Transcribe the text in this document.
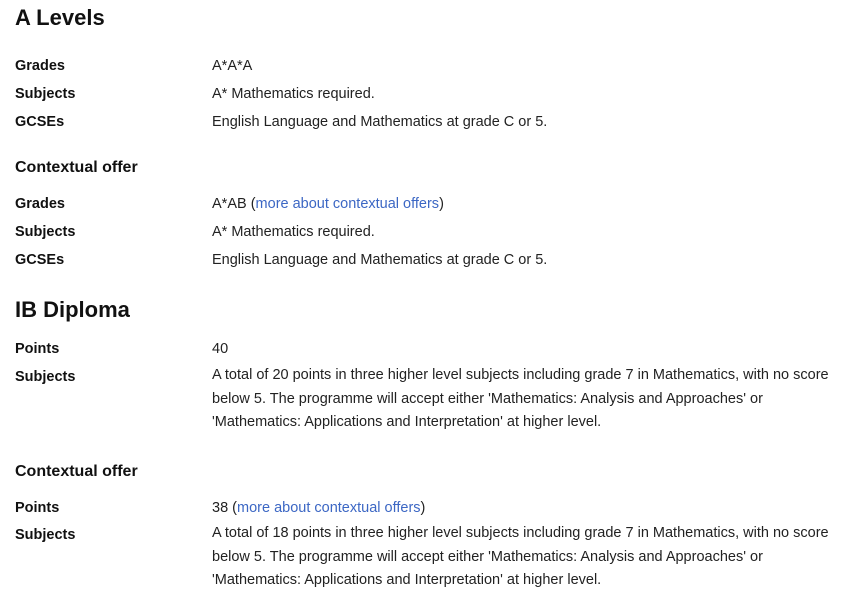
A Levels
Grades	A*A*A
Subjects	A* Mathematics required.
GCSEs	English Language and Mathematics at grade C or 5.
Contextual offer
Grades	A*AB (more about contextual offers)
Subjects	A* Mathematics required.
GCSEs	English Language and Mathematics at grade C or 5.
IB Diploma
Points	40
Subjects	A total of 20 points in three higher level subjects including grade 7 in Mathematics, with no score below 5. The programme will accept either 'Mathematics: Analysis and Approaches' or 'Mathematics: Applications and Interpretation' at higher level.
Contextual offer
Points	38 (more about contextual offers)
Subjects	A total of 18 points in three higher level subjects including grade 7 in Mathematics, with no score below 5. The programme will accept either 'Mathematics: Analysis and Approaches' or 'Mathematics: Applications and Interpretation' at higher level.
